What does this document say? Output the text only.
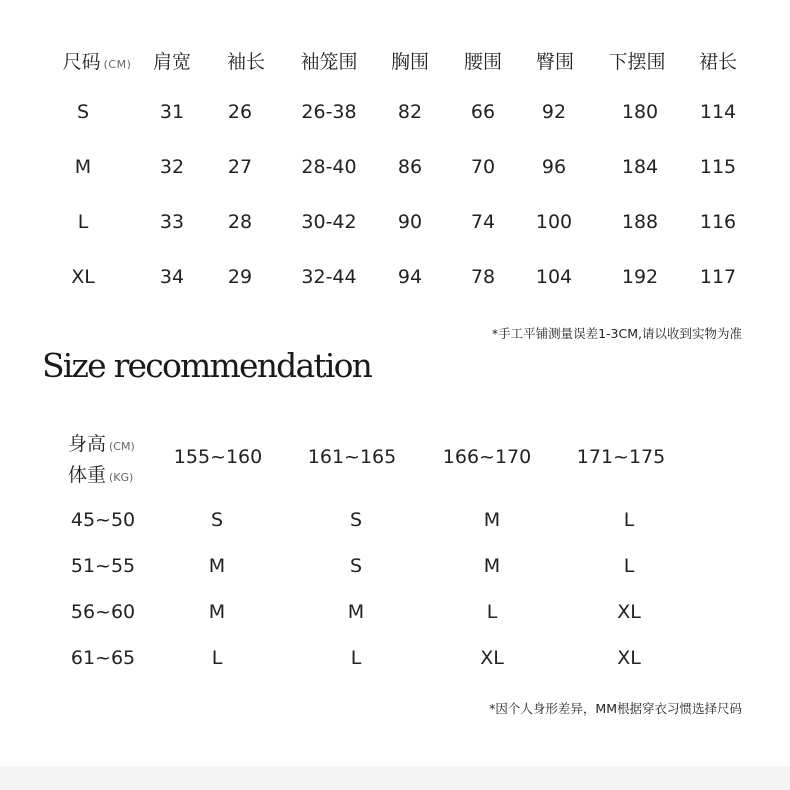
尺码 (CM) 肩宽 袖长 袖笼围 胸围 腰围 臀围 下摆围 裙长
S	31 26	26-38 82	66 92	180 114
M	32 27	28-40 86	70 96	184 115
L	33 28	30-42 90	74 100	188 116
XL	34 29	32-44 94	78 104	192 117
*手工平铺测量误差1-3CM,请以收到实物为准
Size recommendation
身高 (CM)
体重 (KG)
155~160 161~165 166~170 171~175
45~50	S	S	M	L
51~55	M	S	M	L
56~60	M	M	L	XL
61~65	L	L	XL	XL
*因个人身形差异，MM根据穿衣习惯选择尺码
